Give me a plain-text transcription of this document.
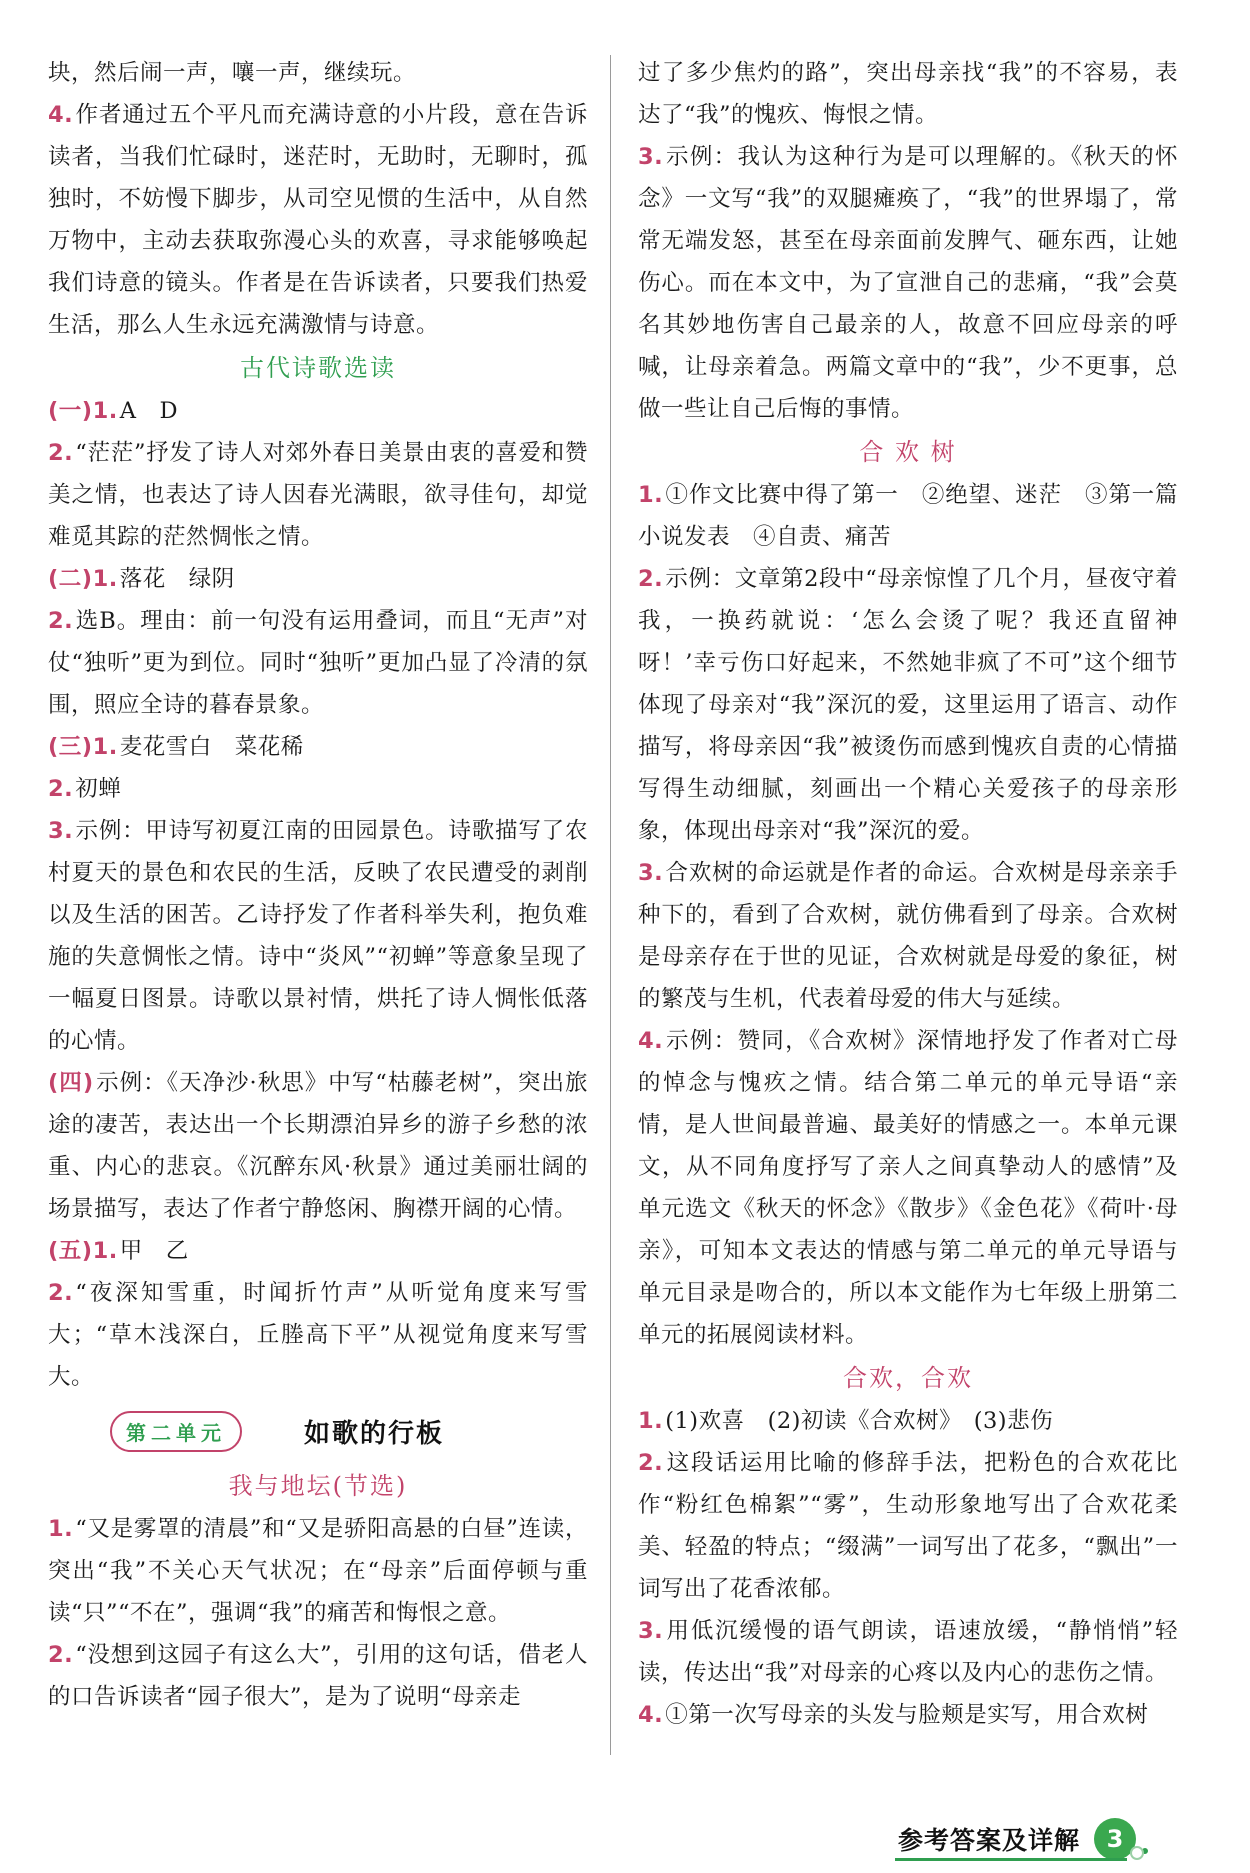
块，然后闹一声，嚷一声，继续玩。

4.作者通过五个平凡而充满诗意的小片段，意在告诉读者，当我们忙碌时，迷茫时，无助时，无聊时，孤独时，不妨慢下脚步，从司空见惯的生活中，从自然万物中，主动去获取弥漫心头的欢喜，寻求能够唤起我们诗意的镜头。作者是在告诉读者，只要我们热爱生活，那么人生永远充满激情与诗意。

古代诗歌选读

(一)1.A　D

2.“茫茫”抒发了诗人对郊外春日美景由衷的喜爱和赞美之情，也表达了诗人因春光满眼，欲寻佳句，却觉难觅其踪的茫然惆怅之情。

(二)1.落花　绿阴

2.选B。理由：前一句没有运用叠词，而且“无声”对仗“独听”更为到位。同时“独听”更加凸显了冷清的氛围，照应全诗的暮春景象。

(三)1.麦花雪白　菜花稀

2.初蝉

3.示例：甲诗写初夏江南的田园景色。诗歌描写了农村夏天的景色和农民的生活，反映了农民遭受的剥削以及生活的困苦。乙诗抒发了作者科举失利，抱负难施的失意惆怅之情。诗中“炎风”“初蝉”等意象呈现了一幅夏日图景。诗歌以景衬情，烘托了诗人惆怅低落的心情。

(四)示例：《天净沙·秋思》中写“枯藤老树”，突出旅途的凄苦，表达出一个长期漂泊异乡的游子乡愁的浓重、内心的悲哀。《沉醉东风·秋景》通过美丽壮阔的场景描写，表达了作者宁静悠闲、胸襟开阔的心情。

(五)1.甲　乙

2.“夜深知雪重，时闻折竹声”从听觉角度来写雪大；“草木浅深白，丘塍高下平”从视觉角度来写雪大。

第二单元	如歌的行板

我与地坛(节选)

1.“又是雾罩的清晨”和“又是骄阳高悬的白昼”连读，突出“我”不关心天气状况；在“母亲”后面停顿与重读“只”“不在”，强调“我”的痛苦和悔恨之意。

2.“没想到这园子有这么大”，引用的这句话，借老人的口告诉读者“园子很大”，是为了说明“母亲走

过了多少焦灼的路”，突出母亲找“我”的不容易，表达了“我”的愧疚、悔恨之情。

3.示例：我认为这种行为是可以理解的。《秋天的怀念》一文写“我”的双腿瘫痪了，“我”的世界塌了，常常无端发怒，甚至在母亲面前发脾气、砸东西，让她伤心。而在本文中，为了宣泄自己的悲痛，“我”会莫名其妙地伤害自己最亲的人，故意不回应母亲的呼喊，让母亲着急。两篇文章中的“我”，少不更事，总做一些让自己后悔的事情。

合 欢 树

1.①作文比赛中得了第一　②绝望、迷茫　③第一篇小说发表　④自责、痛苦

2.示例：文章第2段中“母亲惊惶了几个月，昼夜守着我，一换药就说：‘怎么会烫了呢？我还直留神呀！’幸亏伤口好起来，不然她非疯了不可”这个细节体现了母亲对“我”深沉的爱，这里运用了语言、动作描写，将母亲因“我”被烫伤而感到愧疚自责的心情描写得生动细腻，刻画出一个精心关爱孩子的母亲形象，体现出母亲对“我”深沉的爱。

3.合欢树的命运就是作者的命运。合欢树是母亲亲手种下的，看到了合欢树，就仿佛看到了母亲。合欢树是母亲存在于世的见证，合欢树就是母爱的象征，树的繁茂与生机，代表着母爱的伟大与延续。

4.示例：赞同，《合欢树》深情地抒发了作者对亡母的悼念与愧疚之情。结合第二单元的单元导语“亲情，是人世间最普遍、最美好的情感之一。本单元课文，从不同角度抒写了亲人之间真挚动人的感情”及单元选文《秋天的怀念》《散步》《金色花》《荷叶·母亲》，可知本文表达的情感与第二单元的单元导语与单元目录是吻合的，所以本文能作为七年级上册第二单元的拓展阅读材料。

合欢，合欢

1.(1)欢喜　(2)初读《合欢树》　(3)悲伤

2.这段话运用比喻的修辞手法，把粉色的合欢花比作“粉红色棉絮”“雾”，生动形象地写出了合欢花柔美、轻盈的特点；“缀满”一词写出了花多，“飘出”一词写出了花香浓郁。

3.用低沉缓慢的语气朗读，语速放缓，“静悄悄”轻读，传达出“我”对母亲的心疼以及内心的悲伤之情。

4.①第一次写母亲的头发与脸颊是实写，用合欢树

参考答案及详解	3
